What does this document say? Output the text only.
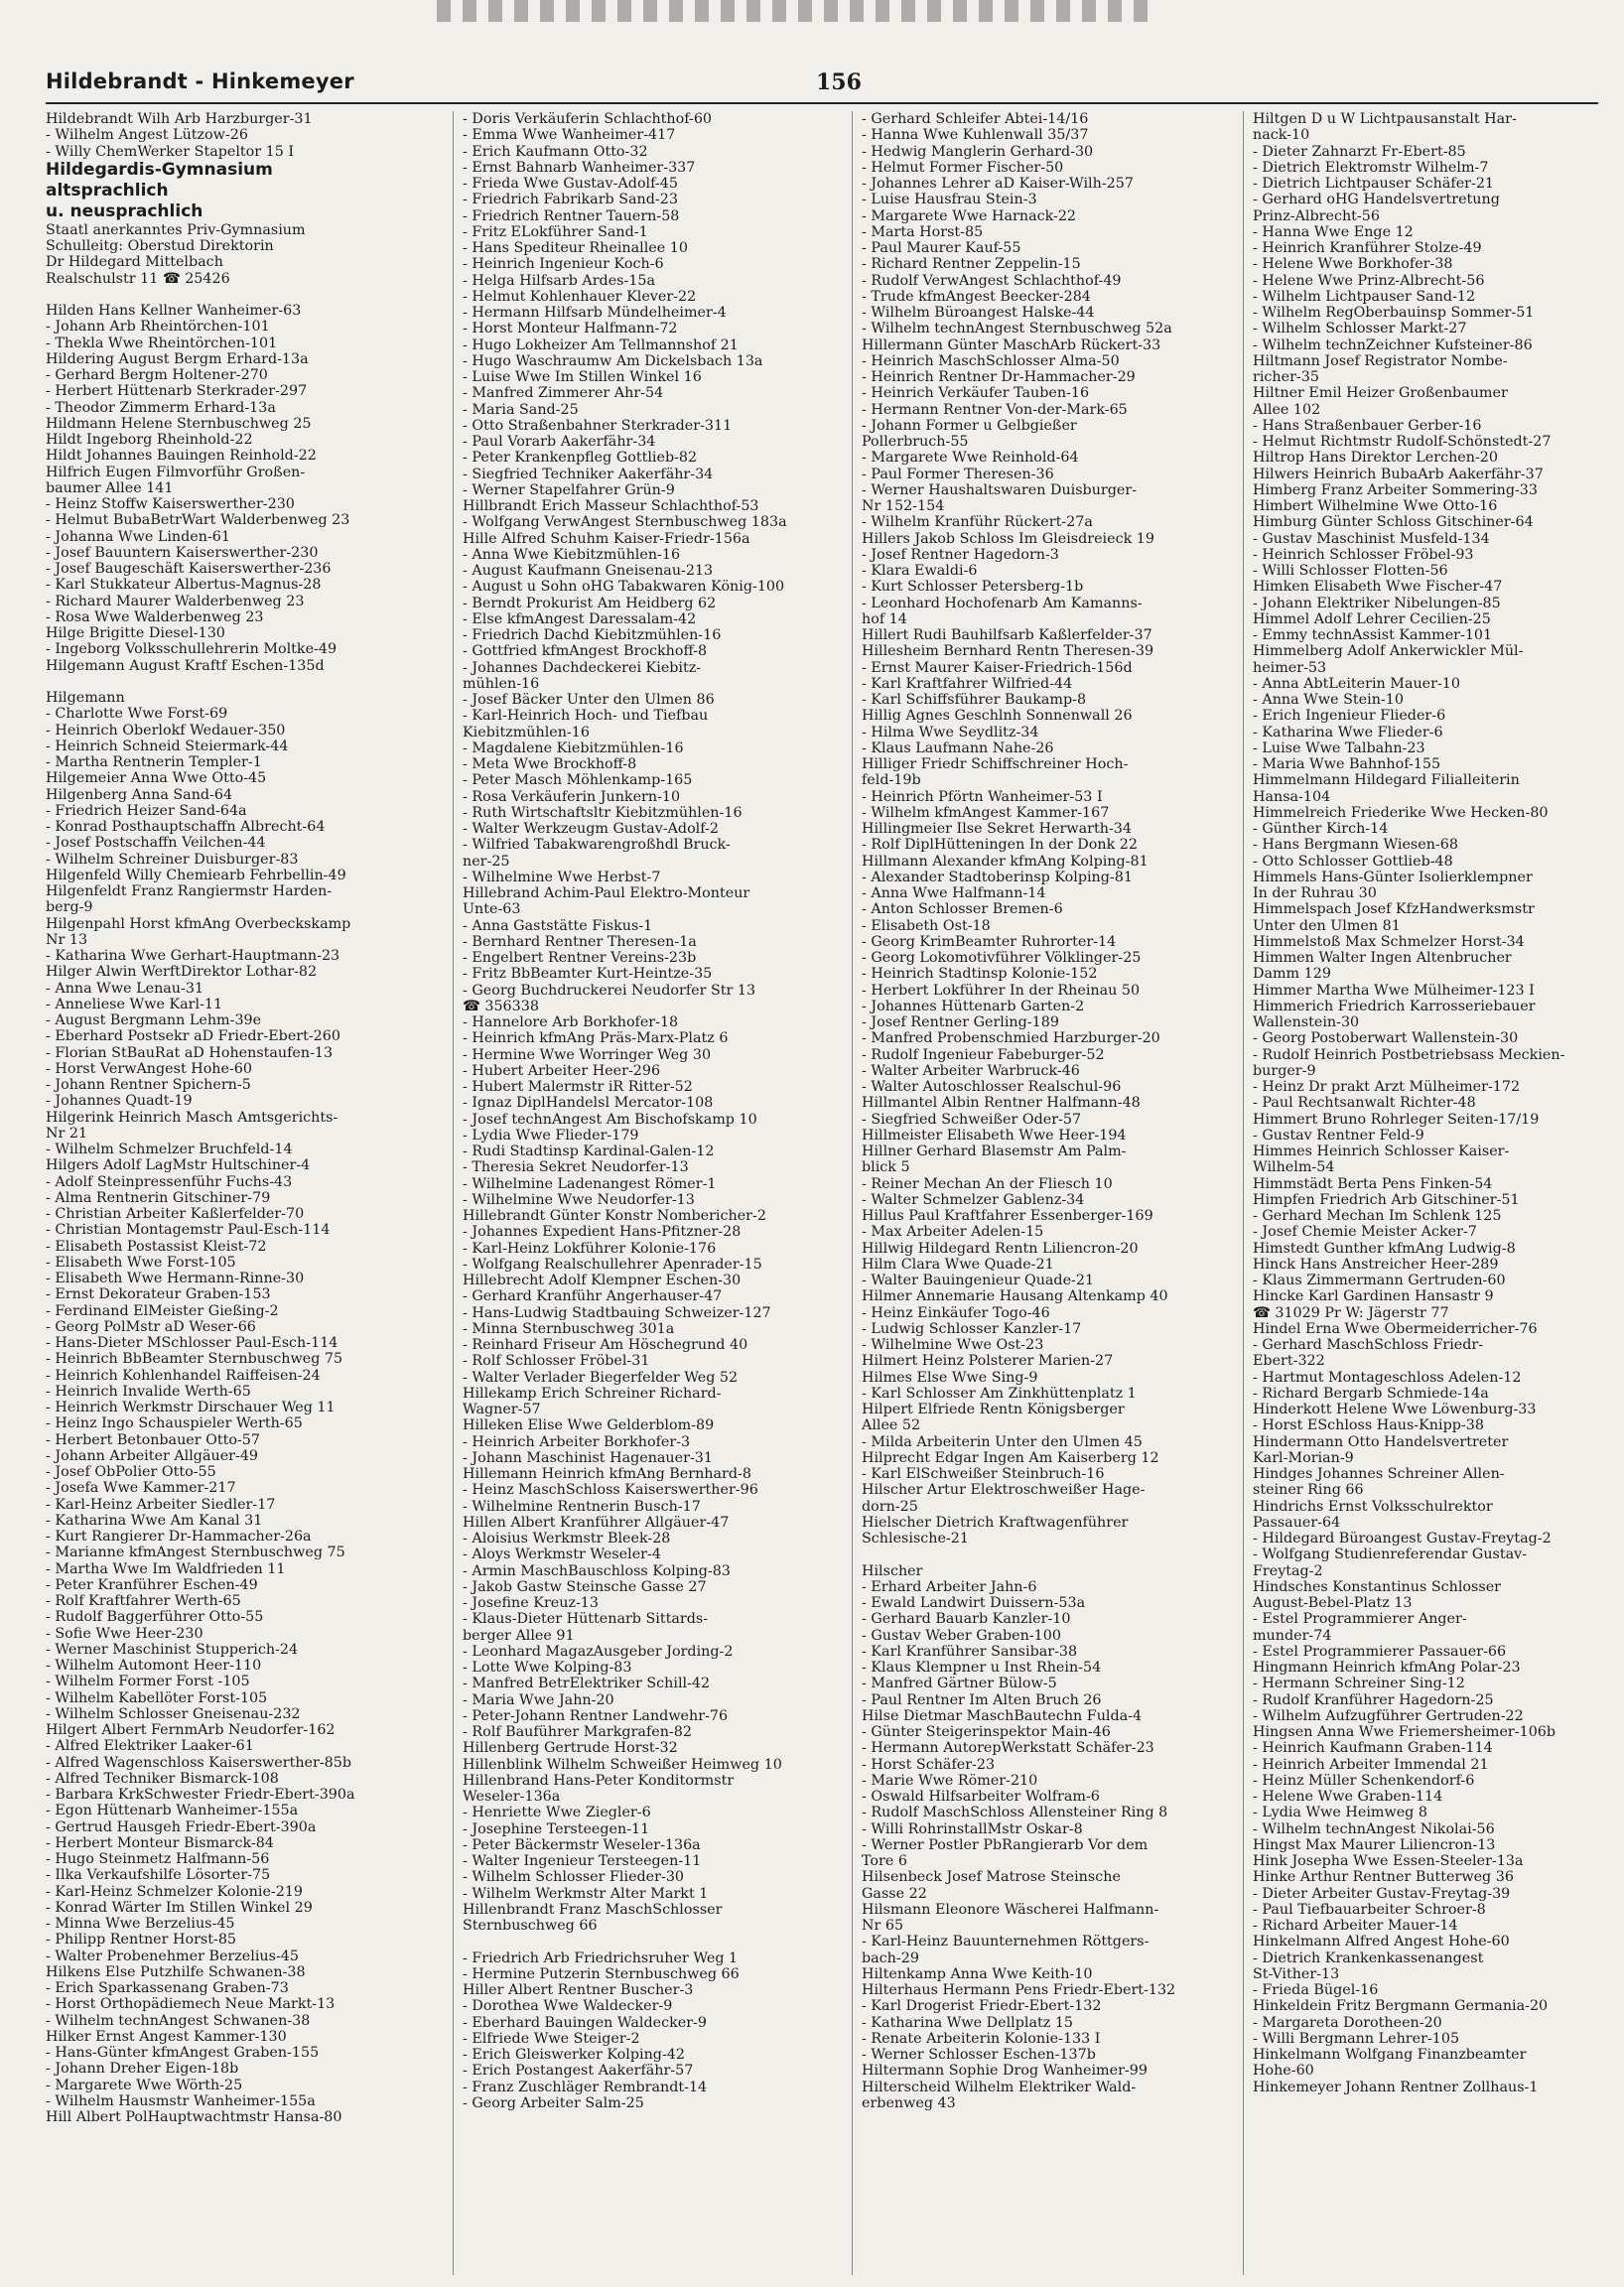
Hildebrandt - Hinkemeyer	156
Hildebrandt Wilh Arb Harzburger-31
- Wilhelm Angest Lützow-26
- Willy ChemWerker Stapeltor 15 I
Hildegardis-Gymnasium
altsprachlich
u. neusprachlich
Staatl anerkanntes Priv-Gymnasium
Schulleitg: Oberstud Direktorin
Dr Hildegard Mittelbach
Realschulstr 11 ☎ 25426
Hilden Hans Kellner Wanheimer-63
- Johann Arb Rheintörchen-101
- Thekla Wwe Rheintörchen-101
Hildering August Bergm Erhard-13a
- Gerhard Bergm Holtener-270
- Herbert Hüttenarb Sterkrader-297
- Theodor Zimmerm Erhard-13a
Hildmann Helene Sternbuschweg 25
Hildt Ingeborg Rheinhold-22
Hildt Johannes Bauingen Reinhold-22
Hilfrich Eugen Filmvorführ Großen-
baumer Allee 141
- Heinz Stoffw Kaiserswerther-230
- Helmut BubaBetrWart Walderbenweg 23
- Johanna Wwe Linden-61
- Josef Bauuntern Kaiserswerther-230
- Josef Baugeschäft Kaiserswerther-236
- Karl Stukkateur Albertus-Magnus-28
- Richard Maurer Walderbenweg 23
- Rosa Wwe Walderbenweg 23
Hilge Brigitte Diesel-130
- Ingeborg Volksschullehrerin Moltke-49
Hilgemann August Kraftf Eschen-135d
Hilgemann
- Charlotte Wwe Forst-69
- Heinrich Oberlokf Wedauer-350
- Heinrich Schneid Steiermark-44
- Martha Rentnerin Templer-1
Hilgemeier Anna Wwe Otto-45
Hilgenberg Anna Sand-64
- Friedrich Heizer Sand-64a
- Konrad Posthauptschaffn Albrecht-64
- Josef Postschaffn Veilchen-44
- Wilhelm Schreiner Duisburger-83
Hilgenfeld Willy Chemiearb Fehrbellin-49
Hilgenfeldt Franz Rangiermstr Harden-
berg-9
Hilgenpahl Horst kfmAng Overbeckskamp
Nr 13
- Katharina Wwe Gerhart-Hauptmann-23
Hilger Alwin WerftDirektor Lothar-82
- Anna Wwe Lenau-31
- Anneliese Wwe Karl-11
- August Bergmann Lehm-39e
- Eberhard Postsekr aD Friedr-Ebert-260
- Florian StBauRat aD Hohenstaufen-13
- Horst VerwAngest Hohe-60
- Johann Rentner Spichern-5
- Johannes Quadt-19
Hilgerink Heinrich Masch Amtsgerichts-
Nr 21
- Wilhelm Schmelzer Bruchfeld-14
Hilgers Adolf LagMstr Hultschiner-4
- Adolf Steinpressenführ Fuchs-43
- Alma Rentnerin Gitschiner-79
- Christian Arbeiter Kaßlerfelder-70
- Christian Montagemstr Paul-Esch-114
- Elisabeth Postassist Kleist-72
- Elisabeth Wwe Forst-105
- Elisabeth Wwe Hermann-Rinne-30
- Ernst Dekorateur Graben-153
- Ferdinand ElMeister Gießing-2
- Georg PolMstr aD Weser-66
- Hans-Dieter MSchlosser Paul-Esch-114
- Heinrich BbBeamter Sternbuschweg 75
- Heinrich Kohlenhandel Raiffeisen-24
- Heinrich Invalide Werth-65
- Heinrich Werkmstr Dirschauer Weg 11
- Heinz Ingo Schauspieler Werth-65
- Herbert Betonbauer Otto-57
- Johann Arbeiter Allgäuer-49
- Josef ObPolier Otto-55
- Josefa Wwe Kammer-217
- Karl-Heinz Arbeiter Siedler-17
- Katharina Wwe Am Kanal 31
- Kurt Rangierer Dr-Hammacher-26a
- Marianne kfmAngest Sternbuschweg 75
- Martha Wwe Im Waldfrieden 11
- Peter Kranführer Eschen-49
- Rolf Kraftfahrer Werth-65
- Rudolf Baggerführer Otto-55
- Sofie Wwe Heer-230
- Werner Maschinist Stupperich-24
- Wilhelm Automont Heer-110
- Wilhelm Former Forst -105
- Wilhelm Kabellöter Forst-105
- Wilhelm Schlosser Gneisenau-232
Hilgert Albert FernmArb Neudorfer-162
- Alfred Elektriker Laaker-61
- Alfred Wagenschloss Kaiserswerther-85b
- Alfred Techniker Bismarck-108
- Barbara KrkSchwester Friedr-Ebert-390a
- Egon Hüttenarb Wanheimer-155a
- Gertrud Hausgeh Friedr-Ebert-390a
- Herbert Monteur Bismarck-84
- Hugo Steinmetz Halfmann-56
- Ilka Verkaufshilfe Lösorter-75
- Karl-Heinz Schmelzer Kolonie-219
- Konrad Wärter Im Stillen Winkel 29
- Minna Wwe Berzelius-45
- Philipp Rentner Horst-85
- Walter Probenehmer Berzelius-45
Hilkens Else Putzhilfe Schwanen-38
- Erich Sparkassenang Graben-73
- Horst Orthopädiemech Neue Markt-13
- Wilhelm technAngest Schwanen-38
Hilker Ernst Angest Kammer-130
- Hans-Günter kfmAngest Graben-155
- Johann Dreher Eigen-18b
- Margarete Wwe Wörth-25
- Wilhelm Hausmstr Wanheimer-155a
Hill Albert PolHauptwachtmstr Hansa-80
- Doris Verkäuferin Schlachthof-60
- Emma Wwe Wanheimer-417
- Erich Kaufmann Otto-32
- Ernst Bahnarb Wanheimer-337
- Frieda Wwe Gustav-Adolf-45
- Friedrich Fabrikarb Sand-23
- Friedrich Rentner Tauern-58
- Fritz ELokführer Sand-1
- Hans Spediteur Rheinallee 10
- Heinrich Ingenieur Koch-6
- Helga Hilfsarb Ardes-15a
- Helmut Kohlenhauer Klever-22
- Hermann Hilfsarb Mündelheimer-4
- Horst Monteur Halfmann-72
- Hugo Lokheizer Am Tellmannshof 21
- Hugo Waschraumw Am Dickelsbach 13a
- Luise Wwe Im Stillen Winkel 16
- Manfred Zimmerer Ahr-54
- Maria Sand-25
- Otto Straßenbahner Sterkrader-311
- Paul Vorarb Aakerfähr-34
- Peter Krankenpfleg Gottlieb-82
- Siegfried Techniker Aakerfähr-34
- Werner Stapelfahrer Grün-9
Hillbrandt Erich Masseur Schlachthof-53
- Wolfgang VerwAngest Sternbuschweg 183a
Hille Alfred Schuhm Kaiser-Friedr-156a
- Anna Wwe Kiebitzmühlen-16
- August Kaufmann Gneisenau-213
- August u Sohn oHG Tabakwaren König-100
- Berndt Prokurist Am Heidberg 62
- Else kfmAngest Daressalam-42
- Friedrich Dachd Kiebitzmühlen-16
- Gottfried kfmAngest Brockhoff-8
- Johannes Dachdeckerei Kiebitz-
mühlen-16
- Josef Bäcker Unter den Ulmen 86
- Karl-Heinrich Hoch- und Tiefbau
Kiebitzmühlen-16
- Magdalene Kiebitzmühlen-16
- Meta Wwe Brockhoff-8
- Peter Masch Möhlenkamp-165
- Rosa Verkäuferin Junkern-10
- Ruth Wirtschaftsltr Kiebitzmühlen-16
- Walter Werkzeugm Gustav-Adolf-2
- Wilfried Tabakwarengroßhdl Bruck-
ner-25
- Wilhelmine Wwe Herbst-7
Hillebrand Achim-Paul Elektro-Monteur
Unte-63
- Anna Gaststätte Fiskus-1
- Bernhard Rentner Theresen-1a
- Engelbert Rentner Vereins-23b
- Fritz BbBeamter Kurt-Heintze-35
- Georg Buchdruckerei Neudorfer Str 13
☎ 356338
- Hannelore Arb Borkhofer-18
- Heinrich kfmAng Präs-Marx-Platz 6
- Hermine Wwe Worringer Weg 30
- Hubert Arbeiter Heer-296
- Hubert Malermstr iR Ritter-52
- Ignaz DiplHandelsl Mercator-108
- Josef technAngest Am Bischofskamp 10
- Lydia Wwe Flieder-179
- Rudi Stadtinsp Kardinal-Galen-12
- Theresia Sekret Neudorfer-13
- Wilhelmine Ladenangest Römer-1
- Wilhelmine Wwe Neudorfer-13
Hillebrandt Günter Konstr Nombericher-2
- Johannes Expedient Hans-Pfitzner-28
- Karl-Heinz Lokführer Kolonie-176
- Wolfgang Realschullehrer Apenrader-15
Hillebrecht Adolf Klempner Eschen-30
- Gerhard Kranführ Angerhauser-47
- Hans-Ludwig Stadtbauing Schweizer-127
- Minna Sternbuschweg 301a
- Reinhard Friseur Am Höschegrund 40
- Rolf Schlosser Fröbel-31
- Walter Verlader Biegerfelder Weg 52
Hillekamp Erich Schreiner Richard-
Wagner-57
Hilleken Elise Wwe Gelderblom-89
- Heinrich Arbeiter Borkhofer-3
- Johann Maschinist Hagenauer-31
Hillemann Heinrich kfmAng Bernhard-8
- Heinz MaschSchloss Kaiserswerther-96
- Wilhelmine Rentnerin Busch-17
Hillen Albert Kranführer Allgäuer-47
- Aloisius Werkmstr Bleek-28
- Aloys Werkmstr Weseler-4
- Armin MaschBauschloss Kolping-83
- Jakob Gastw Steinsche Gasse 27
- Josefine Kreuz-13
- Klaus-Dieter Hüttenarb Sittards-
berger Allee 91
- Leonhard MagazAusgeber Jording-2
- Lotte Wwe Kolping-83
- Manfred BetrElektriker Schill-42
- Maria Wwe Jahn-20
- Peter-Johann Rentner Landwehr-76
- Rolf Bauführer Markgrafen-82
Hillenberg Gertrude Horst-32
Hillenblink Wilhelm Schweißer Heimweg 10
Hillenbrand Hans-Peter Konditormstr
Weseler-136a
- Henriette Wwe Ziegler-6
- Josephine Tersteegen-11
- Peter Bäckermstr Weseler-136a
- Walter Ingenieur Tersteegen-11
- Wilhelm Schlosser Flieder-30
- Wilhelm Werkmstr Alter Markt 1
Hillenbrandt Franz MaschSchlosser
Sternbuschweg 66
- Friedrich Arb Friedrichsruher Weg 1
- Hermine Putzerin Sternbuschweg 66
Hiller Albert Rentner Buscher-3
- Dorothea Wwe Waldecker-9
- Eberhard Bauingen Waldecker-9
- Elfriede Wwe Steiger-2
- Erich Gleiswerker Kolping-42
- Erich Postangest Aakerfähr-57
- Franz Zuschläger Rembrandt-14
- Georg Arbeiter Salm-25
- Gerhard Schleifer Abtei-14/16
- Hanna Wwe Kuhlenwall 35/37
- Hedwig Manglerin Gerhard-30
- Helmut Former Fischer-50
- Johannes Lehrer aD Kaiser-Wilh-257
- Luise Hausfrau Stein-3
- Margarete Wwe Harnack-22
- Marta Horst-85
- Paul Maurer Kauf-55
- Richard Rentner Zeppelin-15
- Rudolf VerwAngest Schlachthof-49
- Trude kfmAngest Beecker-284
- Wilhelm Büroangest Halske-44
- Wilhelm technAngest Sternbuschweg 52a
Hillermann Günter MaschArb Rückert-33
- Heinrich MaschSchlosser Alma-50
- Heinrich Rentner Dr-Hammacher-29
- Heinrich Verkäufer Tauben-16
- Hermann Rentner Von-der-Mark-65
- Johann Former u Gelbgießer
Pollerbruch-55
- Margarete Wwe Reinhold-64
- Paul Former Theresen-36
- Werner Haushaltswaren Duisburger-
Nr 152-154
- Wilhelm Kranführ Rückert-27a
Hillers Jakob Schloss Im Gleisdreieck 19
- Josef Rentner Hagedorn-3
- Klara Ewaldi-6
- Kurt Schlosser Petersberg-1b
- Leonhard Hochofenarb Am Kamanns-
hof 14
Hillert Rudi Bauhilfsarb Kaßlerfelder-37
Hillesheim Bernhard Rentn Theresen-39
- Ernst Maurer Kaiser-Friedrich-156d
- Karl Kraftfahrer Wilfried-44
- Karl Schiffsführer Baukamp-8
Hillig Agnes Geschlnh Sonnenwall 26
- Hilma Wwe Seydlitz-34
- Klaus Laufmann Nahe-26
Hilliger Friedr Schiffschreiner Hoch-
feld-19b
- Heinrich Pförtn Wanheimer-53 I
- Wilhelm kfmAngest Kammer-167
Hillingmeier Ilse Sekret Herwarth-34
- Rolf DiplHütteningen In der Donk 22
Hillmann Alexander kfmAng Kolping-81
- Alexander Stadtoberinsp Kolping-81
- Anna Wwe Halfmann-14
- Anton Schlosser Bremen-6
- Elisabeth Ost-18
- Georg KrimBeamter Ruhrorter-14
- Georg Lokomotivführer Völklinger-25
- Heinrich Stadtinsp Kolonie-152
- Herbert Lokführer In der Rheinau 50
- Johannes Hüttenarb Garten-2
- Josef Rentner Gerling-189
- Manfred Probenschmied Harzburger-20
- Rudolf Ingenieur Fabeburger-52
- Walter Arbeiter Warbruck-46
- Walter Autoschlosser Realschul-96
Hillmantel Albin Rentner Halfmann-48
- Siegfried Schweißer Oder-57
Hillmeister Elisabeth Wwe Heer-194
Hillner Gerhard Blasemstr Am Palm-
blick 5
- Reiner Mechan An der Fliesch 10
- Walter Schmelzer Gablenz-34
Hillus Paul Kraftfahrer Essenberger-169
- Max Arbeiter Adelen-15
Hillwig Hildegard Rentn Liliencron-20
Hilm Clara Wwe Quade-21
- Walter Bauingenieur Quade-21
Hilmer Annemarie Hausang Altenkamp 40
- Heinz Einkäufer Togo-46
- Ludwig Schlosser Kanzler-17
- Wilhelmine Wwe Ost-23
Hilmert Heinz Polsterer Marien-27
Hilmes Else Wwe Sing-9
- Karl Schlosser Am Zinkhüttenplatz 1
Hilpert Elfriede Rentn Königsberger
Allee 52
- Milda Arbeiterin Unter den Ulmen 45
Hilprecht Edgar Ingen Am Kaiserberg 12
- Karl ElSchweißer Steinbruch-16
Hilscher Artur Elektroschweißer Hage-
dorn-25
Hielscher Dietrich Kraftwagenführer
Schlesische-21
Hilscher
- Erhard Arbeiter Jahn-6
- Ewald Landwirt Duissern-53a
- Gerhard Bauarb Kanzler-10
- Gustav Weber Graben-100
- Karl Kranführer Sansibar-38
- Klaus Klempner u Inst Rhein-54
- Manfred Gärtner Bülow-5
- Paul Rentner Im Alten Bruch 26
Hilse Dietmar MaschBautechn Fulda-4
- Günter Steigerinspektor Main-46
- Hermann AutorepWerkstatt Schäfer-23
- Horst Schäfer-23
- Marie Wwe Römer-210
- Oswald Hilfsarbeiter Wolfram-6
- Rudolf MaschSchloss Allensteiner Ring 8
- Willi RohrinstallMstr Oskar-8
- Werner Postler PbRangierarb Vor dem
Tore 6
Hilsenbeck Josef Matrose Steinsche
Gasse 22
Hilsmann Eleonore Wäscherei Halfmann-
Nr 65
- Karl-Heinz Bauunternehmen Röttgers-
bach-29
Hiltenkamp Anna Wwe Keith-10
Hilterhaus Hermann Pens Friedr-Ebert-132
- Karl Drogerist Friedr-Ebert-132
- Katharina Wwe Dellplatz 15
- Renate Arbeiterin Kolonie-133 I
- Werner Schlosser Eschen-137b
Hiltermann Sophie Drog Wanheimer-99
Hilterscheid Wilhelm Elektriker Wald-
erbenweg 43
Hiltgen D u W Lichtpausanstalt Har-
nack-10
- Dieter Zahnarzt Fr-Ebert-85
- Dietrich Elektromstr Wilhelm-7
- Dietrich Lichtpauser Schäfer-21
- Gerhard oHG Handelsvertretung
Prinz-Albrecht-56
- Hanna Wwe Enge 12
- Heinrich Kranführer Stolze-49
- Helene Wwe Borkhofer-38
- Helene Wwe Prinz-Albrecht-56
- Wilhelm Lichtpauser Sand-12
- Wilhelm RegOberbauinsp Sommer-51
- Wilhelm Schlosser Markt-27
- Wilhelm technZeichner Kufsteiner-86
Hiltmann Josef Registrator Nombe-
richer-35
Hiltner Emil Heizer Großenbaumer
Allee 102
- Hans Straßenbauer Gerber-16
- Helmut Richtmstr Rudolf-Schönstedt-27
Hiltrop Hans Direktor Lerchen-20
Hilwers Heinrich BubaArb Aakerfähr-37
Himberg Franz Arbeiter Sommering-33
Himbert Wilhelmine Wwe Otto-16
Himburg Günter Schloss Gitschiner-64
- Gustav Maschinist Musfeld-134
- Heinrich Schlosser Fröbel-93
- Willi Schlosser Flotten-56
Himken Elisabeth Wwe Fischer-47
- Johann Elektriker Nibelungen-85
Himmel Adolf Lehrer Cecilien-25
- Emmy technAssist Kammer-101
Himmelberg Adolf Ankerwickler Mül-
heimer-53
- Anna AbtLeiterin Mauer-10
- Anna Wwe Stein-10
- Erich Ingenieur Flieder-6
- Katharina Wwe Flieder-6
- Luise Wwe Talbahn-23
- Maria Wwe Bahnhof-155
Himmelmann Hildegard Filialleiterin
Hansa-104
Himmelreich Friederike Wwe Hecken-80
- Günther Kirch-14
- Hans Bergmann Wiesen-68
- Otto Schlosser Gottlieb-48
Himmels Hans-Günter Isolierklempner
In der Ruhrau 30
Himmelspach Josef KfzHandwerksmstr
Unter den Ulmen 81
Himmelstoß Max Schmelzer Horst-34
Himmen Walter Ingen Altenbrucher
Damm 129
Himmer Martha Wwe Mülheimer-123 I
Himmerich Friedrich Karrosseriebauer
Wallenstein-30
- Georg Postoberwart Wallenstein-30
- Rudolf Heinrich Postbetriebsass Meckien-
burger-9
- Heinz Dr prakt Arzt Mülheimer-172
- Paul Rechtsanwalt Richter-48
Himmert Bruno Rohrleger Seiten-17/19
- Gustav Rentner Feld-9
Himmes Heinrich Schlosser Kaiser-
Wilhelm-54
Himmstädt Berta Pens Finken-54
Himpfen Friedrich Arb Gitschiner-51
- Gerhard Mechan Im Schlenk 125
- Josef Chemie Meister Acker-7
Himstedt Gunther kfmAng Ludwig-8
Hinck Hans Anstreicher Heer-289
- Klaus Zimmermann Gertruden-60
Hincke Karl Gardinen Hansastr 9
☎ 31029 Pr W: Jägerstr 77
Hindel Erna Wwe Obermeiderricher-76
- Gerhard MaschSchloss Friedr-
Ebert-322
- Hartmut Montageschloss Adelen-12
- Richard Bergarb Schmiede-14a
Hinderkott Helene Wwe Löwenburg-33
- Horst ESchloss Haus-Knipp-38
Hindermann Otto Handelsvertreter
Karl-Morian-9
Hindges Johannes Schreiner Allen-
steiner Ring 66
Hindrichs Ernst Volksschulrektor
Passauer-64
- Hildegard Büroangest Gustav-Freytag-2
- Wolfgang Studienreferendar Gustav-
Freytag-2
Hindsches Konstantinus Schlosser
August-Bebel-Platz 13
- Estel Programmierer Anger-
munder-74
- Estel Programmierer Passauer-66
Hingmann Heinrich kfmAng Polar-23
- Hermann Schreiner Sing-12
- Rudolf Kranführer Hagedorn-25
- Wilhelm Aufzugführer Gertruden-22
Hingsen Anna Wwe Friemersheimer-106b
- Heinrich Kaufmann Graben-114
- Heinrich Arbeiter Immendal 21
- Heinz Müller Schenkendorf-6
- Helene Wwe Graben-114
- Lydia Wwe Heimweg 8
- Wilhelm technAngest Nikolai-56
Hingst Max Maurer Liliencron-13
Hink Josepha Wwe Essen-Steeler-13a
Hinke Arthur Rentner Butterweg 36
- Dieter Arbeiter Gustav-Freytag-39
- Paul Tiefbauarbeiter Schroer-8
- Richard Arbeiter Mauer-14
Hinkelmann Alfred Angest Hohe-60
- Dietrich Krankenkassenangest
St-Vither-13
- Frieda Bügel-16
Hinkeldein Fritz Bergmann Germania-20
- Margareta Dorotheen-20
- Willi Bergmann Lehrer-105
Hinkelmann Wolfgang Finanzbeamter
Hohe-60
Hinkemeyer Johann Rentner Zollhaus-1
